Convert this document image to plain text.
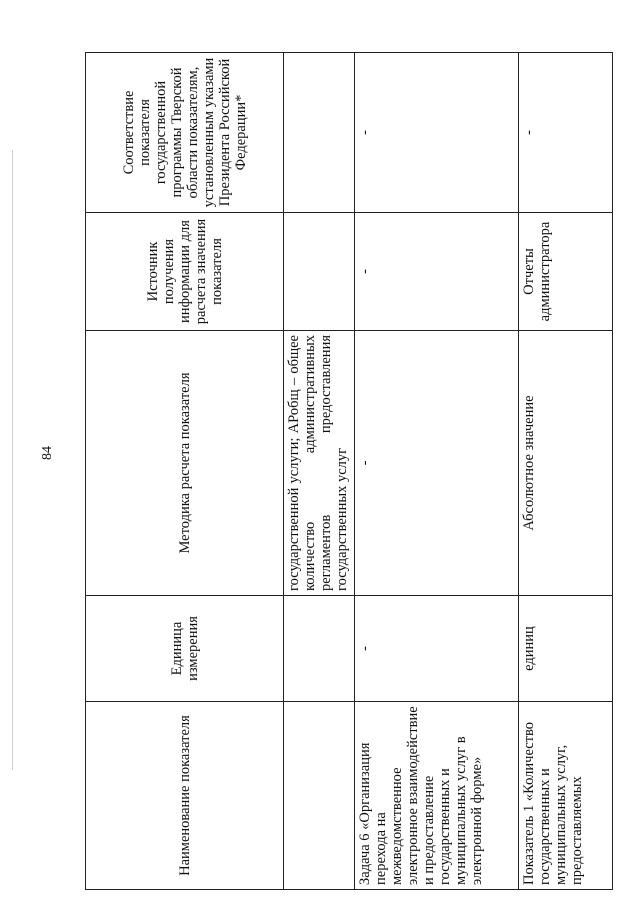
84
Наименование показателя	Единица измерения	Методика расчета показателя	Источник получения информации для расчета значения показателя	Соответствие показателя государственной программы Тверской области показателям, установленным указами Президента Российской Федерации*
		государственной услуги; АРобщ – общее количество административных регламентов предоставления государственных услуг		
Задача 6 «Организация перехода на межведомственное электронное взаимодействие и предоставление государственных и муниципальных услуг в электронной форме»	-	-	-	-
Показатель 1 «Количество государственных и муниципальных услуг, предоставляемых	единиц	Абсолютное значение	Отчеты администратора	-
